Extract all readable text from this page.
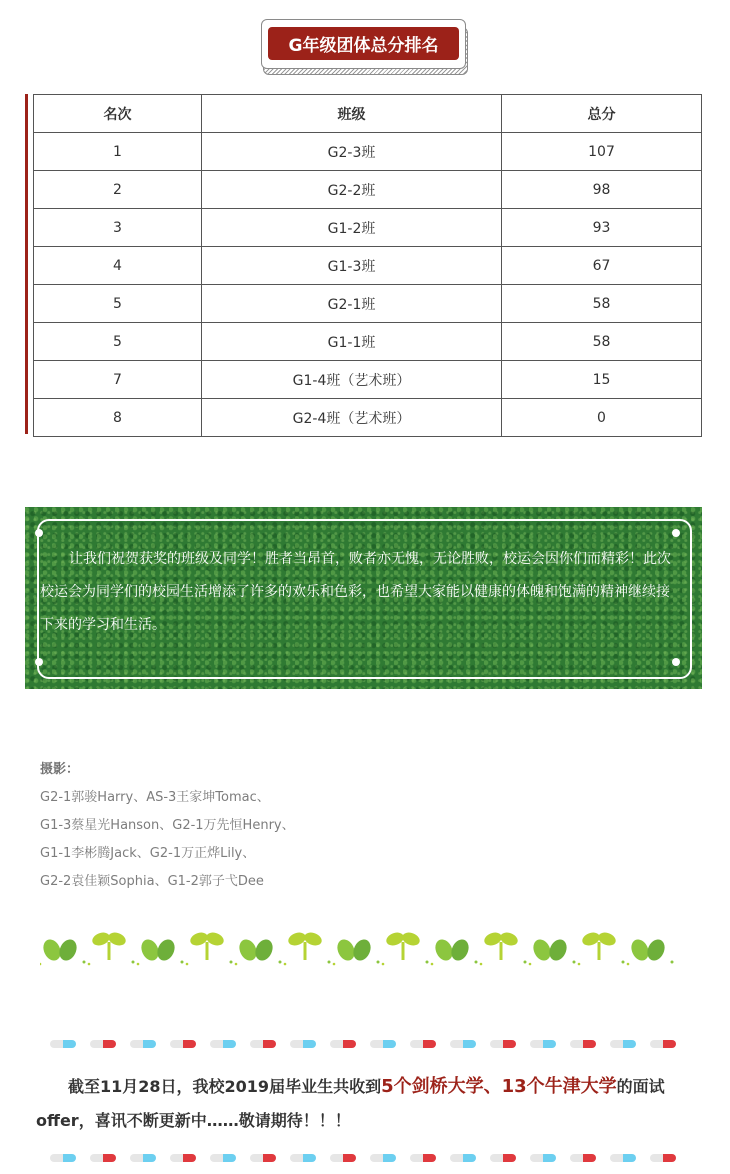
G年级团体总分排名
名次	班级	总分
1	G2-3班	107
2	G2-2班	98
3	G1-2班	93
4	G1-3班	67
5	G2-1班	58
5	G1-1班	58
7	G1-4班（艺术班）	15
8	G2-4班（艺术班）	0
让我们祝贺获奖的班级及同学！胜者当昂首，败者亦无愧，无论胜败，校运会因你们而精彩！此次校运会为同学们的校园生活增添了许多的欢乐和色彩，也希望大家能以健康的体魄和饱满的精神继续接下来的学习和生活。
摄影：
G2-1郭骏Harry、AS-3王家坤Tomac、
G1-3蔡星光Hanson、G2-1万先恒Henry、
G1-1李彬腾Jack、G2-1万正烨Lily、
G2-2袁佳颖Sophia、G1-2郭子弋Dee
截至11月28日，我校2019届毕业生共收到5个剑桥大学、13个牛津大学的面试offer，喜讯不断更新中……敬请期待！！！
